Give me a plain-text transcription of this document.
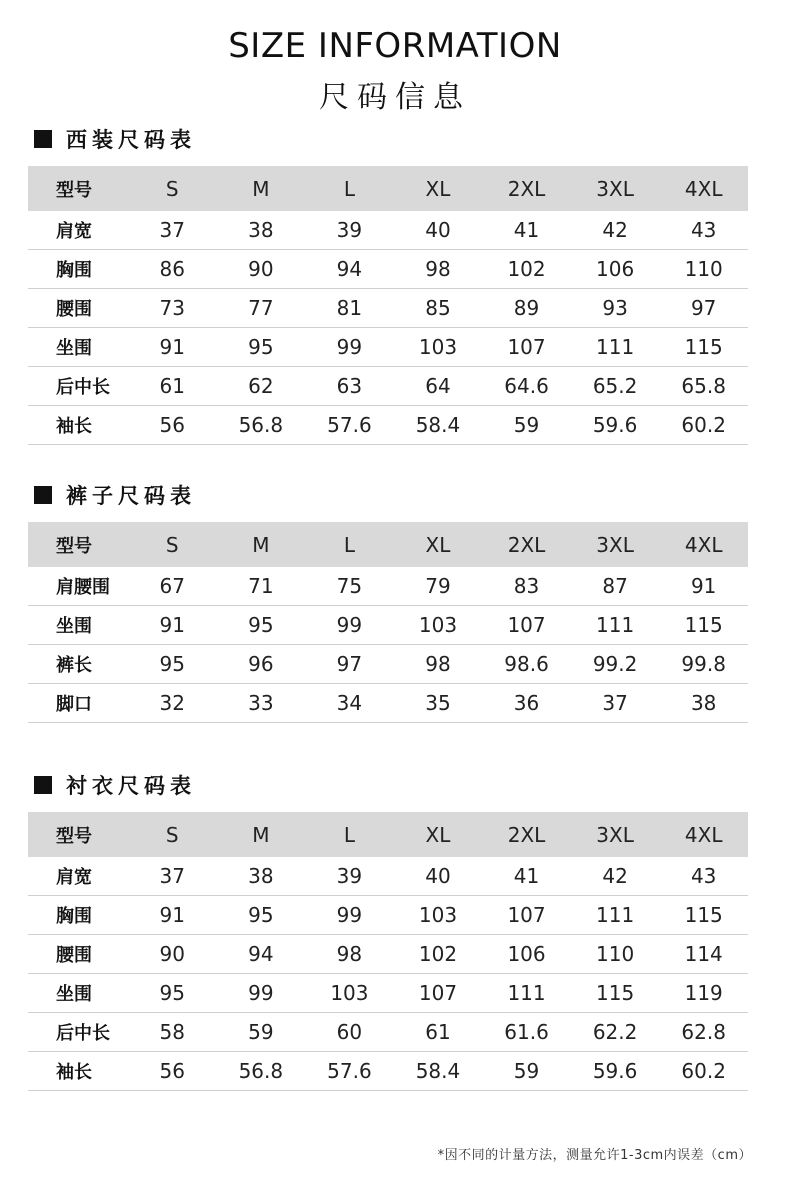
SIZE INFORMATION
尺码信息
西装尺码表
型号	S	M	L	XL	2XL	3XL	4XL
肩宽	37	38	39	40	41	42	43
胸围	86	90	94	98	102	106	110
腰围	73	77	81	85	89	93	97
坐围	91	95	99	103	107	111	115
后中长	61	62	63	64	64.6	65.2	65.8
袖长	56	56.8	57.6	58.4	59	59.6	60.2
裤子尺码表
型号	S	M	L	XL	2XL	3XL	4XL
肩腰围	67	71	75	79	83	87	91
坐围	91	95	99	103	107	111	115
裤长	95	96	97	98	98.6	99.2	99.8
脚口	32	33	34	35	36	37	38
衬衣尺码表
型号	S	M	L	XL	2XL	3XL	4XL
肩宽	37	38	39	40	41	42	43
胸围	91	95	99	103	107	111	115
腰围	90	94	98	102	106	110	114
坐围	95	99	103	107	111	115	119
后中长	58	59	60	61	61.6	62.2	62.8
袖长	56	56.8	57.6	58.4	59	59.6	60.2
*因不同的计量方法，测量允许1-3cm内误差（cm）
